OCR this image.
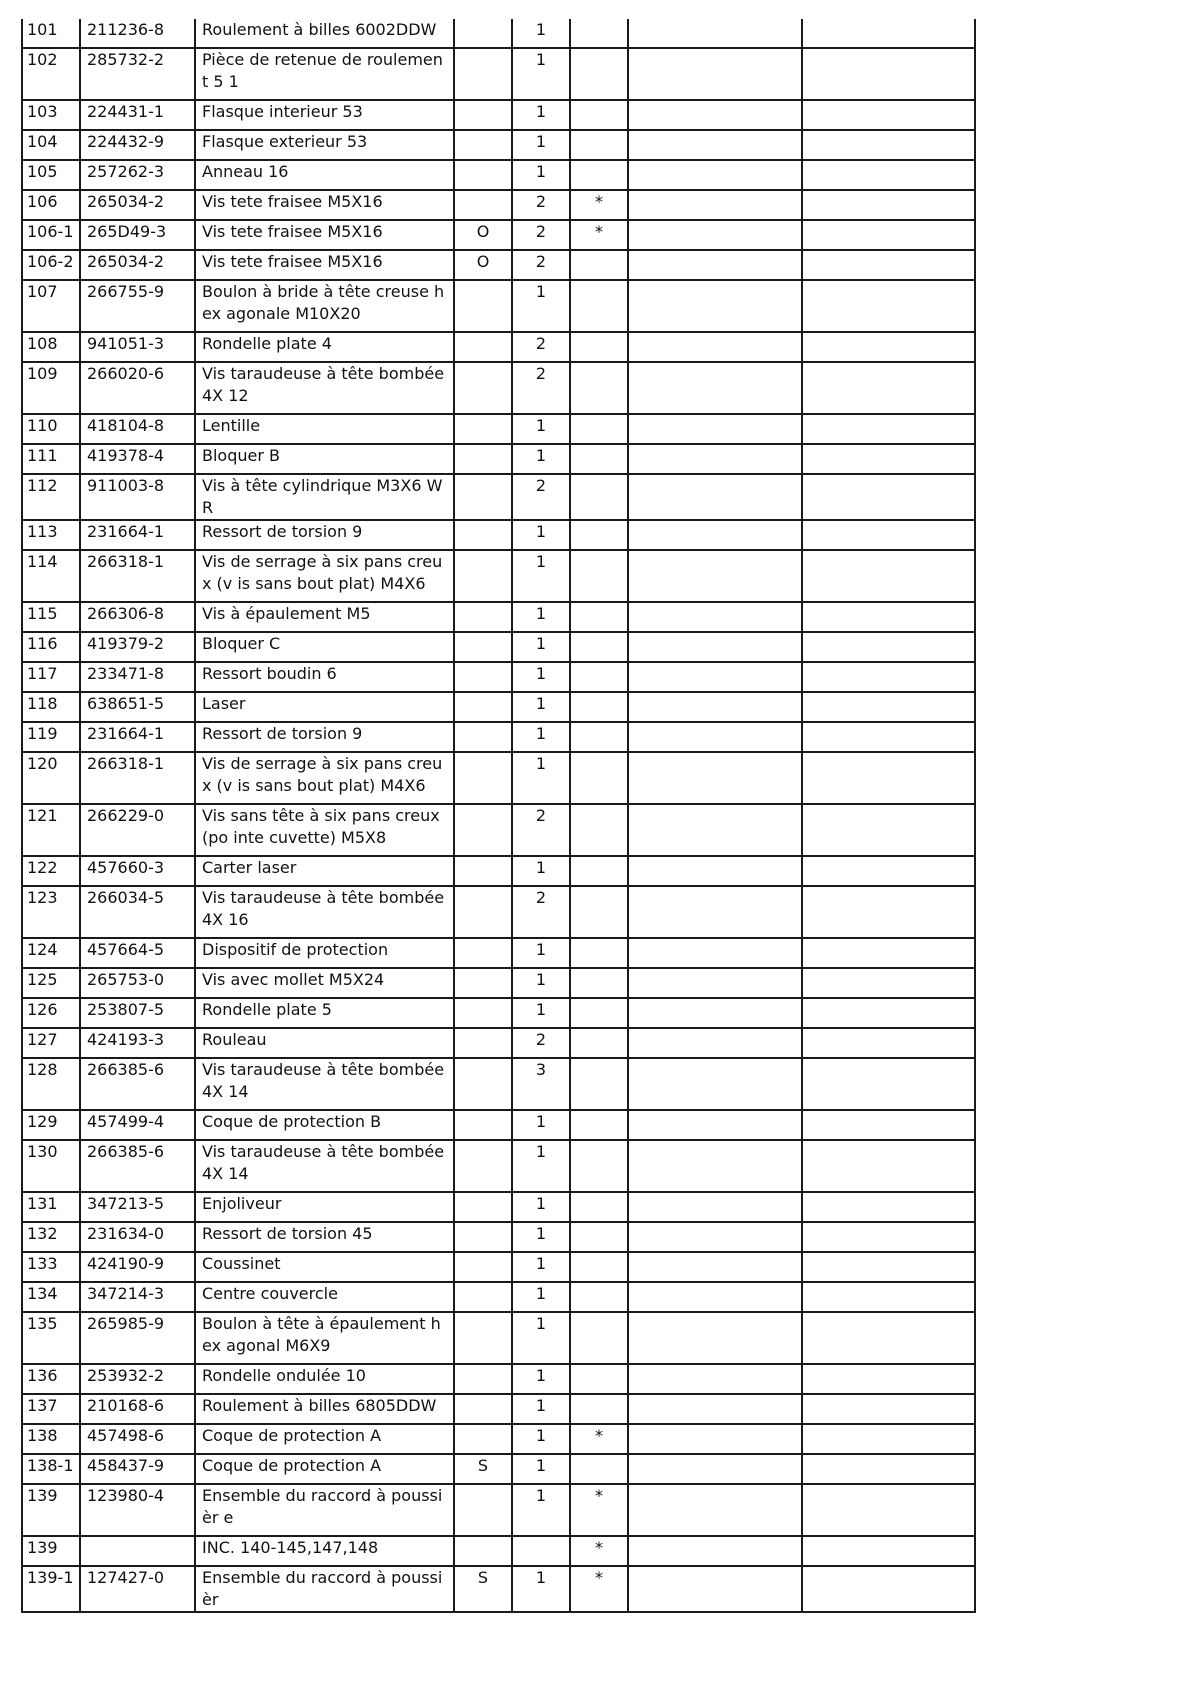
101	211236-8	Roulement à billes 6002DDW		1			
102	285732-2	Pièce de retenue de roulement 5 1		1			
103	224431-1	Flasque interieur 53		1			
104	224432-9	Flasque exterieur 53		1			
105	257262-3	Anneau 16		1			
106	265034-2	Vis tete fraisee M5X16		2	*		
106-1	265D49-3	Vis tete fraisee M5X16	O	2	*		
106-2	265034-2	Vis tete fraisee M5X16	O	2			
107	266755-9	Boulon à bride à tête creuse hex agonale M10X20		1			
108	941051-3	Rondelle plate 4		2			
109	266020-6	Vis taraudeuse à tête bombée 4X 12		2			
110	418104-8	Lentille		1			
111	419378-4	Bloquer B		1			
112	911003-8	Vis à tête cylindrique M3X6 WR		2			
113	231664-1	Ressort de torsion 9		1			
114	266318-1	Vis de serrage à six pans creux (v is sans bout plat) M4X6		1			
115	266306-8	Vis à épaulement M5		1			
116	419379-2	Bloquer C		1			
117	233471-8	Ressort boudin 6		1			
118	638651-5	Laser		1			
119	231664-1	Ressort de torsion 9		1			
120	266318-1	Vis de serrage à six pans creux (v is sans bout plat) M4X6		1			
121	266229-0	Vis sans tête à six pans creux (po inte cuvette) M5X8		2			
122	457660-3	Carter laser		1			
123	266034-5	Vis taraudeuse à tête bombée 4X 16		2			
124	457664-5	Dispositif de protection		1			
125	265753-0	Vis avec mollet M5X24		1			
126	253807-5	Rondelle plate 5		1			
127	424193-3	Rouleau		2			
128	266385-6	Vis taraudeuse à tête bombée 4X 14		3			
129	457499-4	Coque de protection B		1			
130	266385-6	Vis taraudeuse à tête bombée 4X 14		1			
131	347213-5	Enjoliveur		1			
132	231634-0	Ressort de torsion 45		1			
133	424190-9	Coussinet		1			
134	347214-3	Centre couvercle		1			
135	265985-9	Boulon à tête à épaulement hex agonal M6X9		1			
136	253932-2	Rondelle ondulée 10		1			
137	210168-6	Roulement à billes 6805DDW		1			
138	457498-6	Coque de protection A		1	*		
138-1	458437-9	Coque de protection A	S	1			
139	123980-4	Ensemble du raccord à poussièr e		1	*		
139		INC. 140-145,147,148			*		
139-1	127427-0	Ensemble du raccord à poussièr	S	1	*		
